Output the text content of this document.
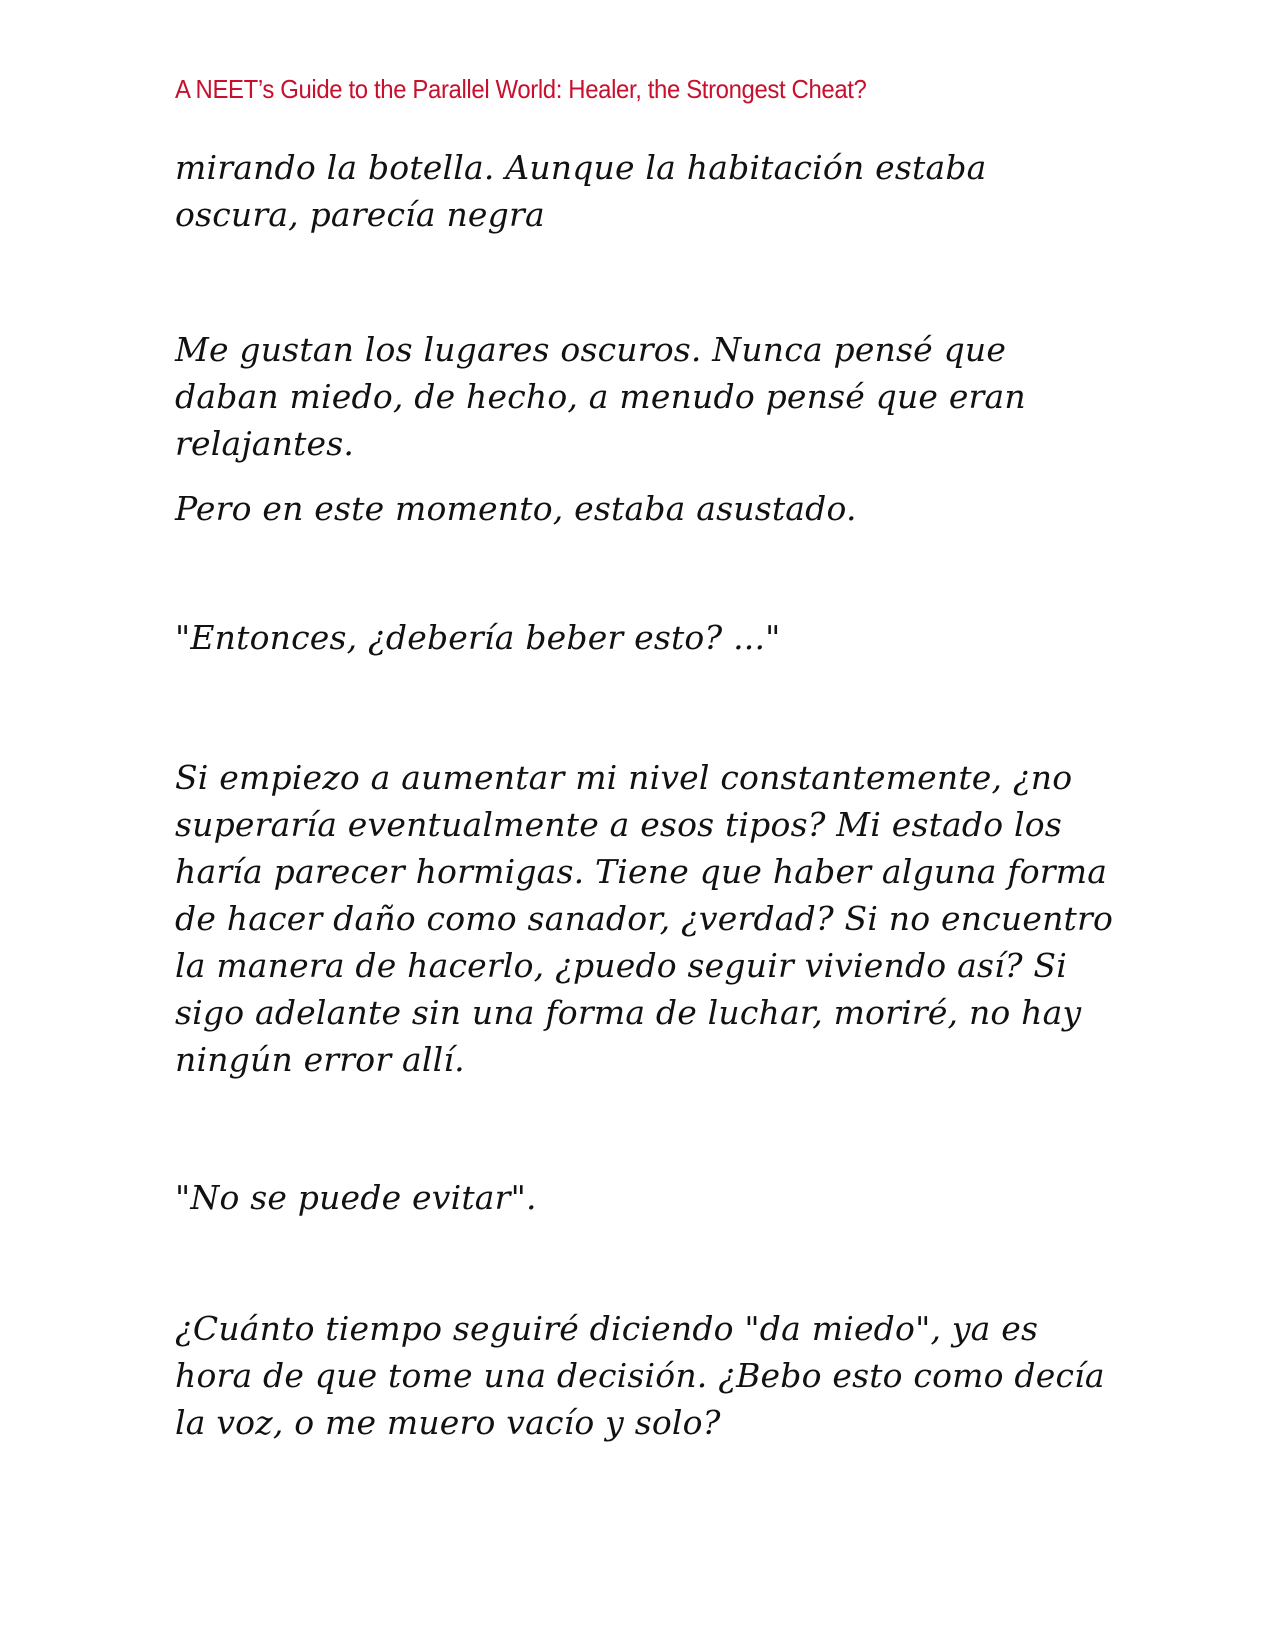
A NEET’s Guide to the Parallel World: Healer, the Strongest Cheat?

mirando la botella. Aunque la habitación estaba oscura, parecía negra

Me gustan los lugares oscuros. Nunca pensé que daban miedo, de hecho, a menudo pensé que eran relajantes.

Pero en este momento, estaba asustado.

"Entonces, ¿debería beber esto? ..."

Si empiezo a aumentar mi nivel constantemente, ¿no superaría eventualmente a esos tipos? Mi estado los haría parecer hormigas. Tiene que haber alguna forma de hacer daño como sanador, ¿verdad? Si no encuentro la manera de hacerlo, ¿puedo seguir viviendo así? Si sigo adelante sin una forma de luchar, moriré, no hay ningún error allí.

"No se puede evitar".

¿Cuánto tiempo seguiré diciendo "da miedo", ya es hora de que tome una decisión. ¿Bebo esto como decía la voz, o me muero vacío y solo?
